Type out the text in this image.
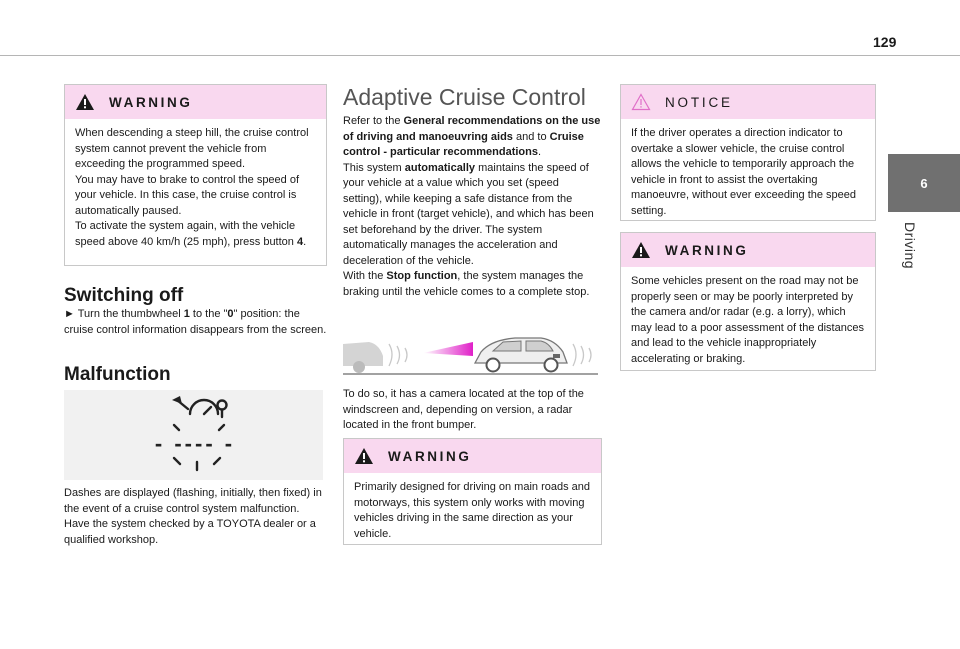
129
6
Driving
WARNING

When descending a steep hill, the cruise control system cannot prevent the vehicle from exceeding the programmed speed.

You may have to brake to control the speed of your vehicle. In this case, the cruise control is automatically paused.

To activate the system again, with the vehicle speed above 40 km/h (25 mph), press button 4.

Switching off

► Turn the thumbwheel 1 to the "0" position: the cruise control information disappears from the screen.

Malfunction
- ---- -

Dashes are displayed (flashing, initially, then fixed) in the event of a cruise control system malfunction.

Have the system checked by a TOYOTA dealer or a qualified workshop.

Adaptive Cruise Control

Refer to the General recommendations on the use of driving and manoeuvring aids and to Cruise control - particular recommendations.

This system automatically maintains the speed of your vehicle at a value which you set (speed setting), while keeping a safe distance from the vehicle in front (target vehicle), and which has been set beforehand by the driver. The system automatically manages the acceleration and deceleration of the vehicle.

With the Stop function, the system manages the braking until the vehicle comes to a complete stop.

To do so, it has a camera located at the top of the windscreen and, depending on version, a radar located in the front bumper.

WARNING

Primarily designed for driving on main roads and motorways, this system only works with moving vehicles driving in the same direction as your vehicle.

NOTICE

If the driver operates a direction indicator to overtake a slower vehicle, the cruise control allows the vehicle to temporarily approach the vehicle in front to assist the overtaking manoeuvre, without ever exceeding the speed setting.

WARNING

Some vehicles present on the road may not be properly seen or may be poorly interpreted by the camera and/or radar (e.g. a lorry), which may lead to a poor assessment of the distances and lead to the vehicle inappropriately accelerating or braking.
